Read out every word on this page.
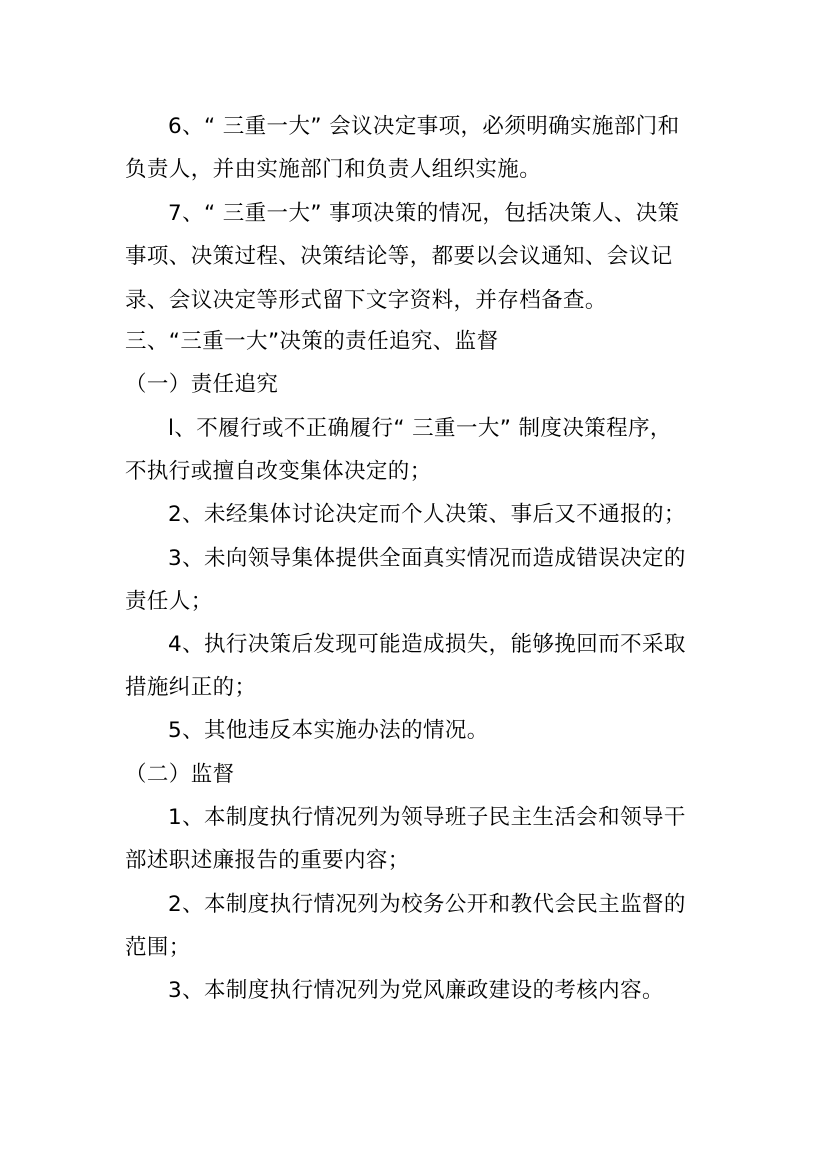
6、“ 三重一大” 会议决定事项，必须明确实施部门和
负责人，并由实施部门和负责人组织实施。
7、“ 三重一大” 事项决策的情况，包括决策人、决策
事项、决策过程、决策结论等，都要以会议通知、会议记
录、会议决定等形式留下文字资料，并存档备查。
三、“三重一大”决策的责任追究、监督
（一）责任追究
l、不履行或不正确履行“ 三重一大” 制度决策程序，
不执行或擅自改变集体决定的；
2、未经集体讨论决定而个人决策、事后又不通报的；
3、未向领导集体提供全面真实情况而造成错误决定的
责任人；
4、执行决策后发现可能造成损失，能够挽回而不采取
措施纠正的；
5、其他违反本实施办法的情况。
（二）监督
1、本制度执行情况列为领导班子民主生活会和领导干
部述职述廉报告的重要内容；
2、本制度执行情况列为校务公开和教代会民主监督的
范围；
3、本制度执行情况列为党风廉政建设的考核内容。
